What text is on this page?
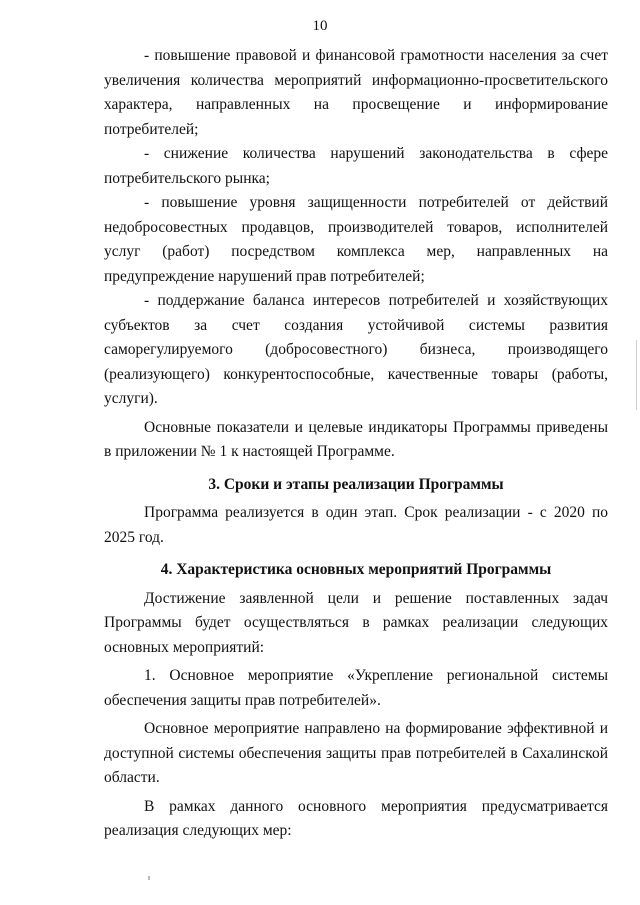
10

- повышение правовой и финансовой грамотности населения за счет увеличения количества мероприятий информационно-просветительского характера, направленных на просвещение и информирование потребителей;

- снижение количества нарушений законодательства в сфере потребительского рынка;

- повышение уровня защищенности потребителей от действий недобросовестных продавцов, производителей товаров, исполнителей услуг (работ) посредством комплекса мер, направленных на предупреждение нарушений прав потребителей;

- поддержание баланса интересов потребителей и хозяйствующих субъектов за счет создания устойчивой системы развития саморегулируемого (добросовестного) бизнеса, производящего (реализующего) конкурентоспособные, качественные товары (работы, услуги).

Основные показатели и целевые индикаторы Программы приведены в приложении № 1 к настоящей Программе.

3. Сроки и этапы реализации Программы

Программа реализуется в один этап. Срок реализации - с 2020 по 2025 год.

4. Характеристика основных мероприятий Программы

Достижение заявленной цели и решение поставленных задач Программы будет осуществляться в рамках реализации следующих основных мероприятий:

1. Основное мероприятие «Укрепление региональной системы обеспечения защиты прав потребителей».

Основное мероприятие направлено на формирование эффективной и доступной системы обеспечения защиты прав потребителей в Сахалинской области.

В рамках данного основного мероприятия предусматривается реализация следующих мер:
